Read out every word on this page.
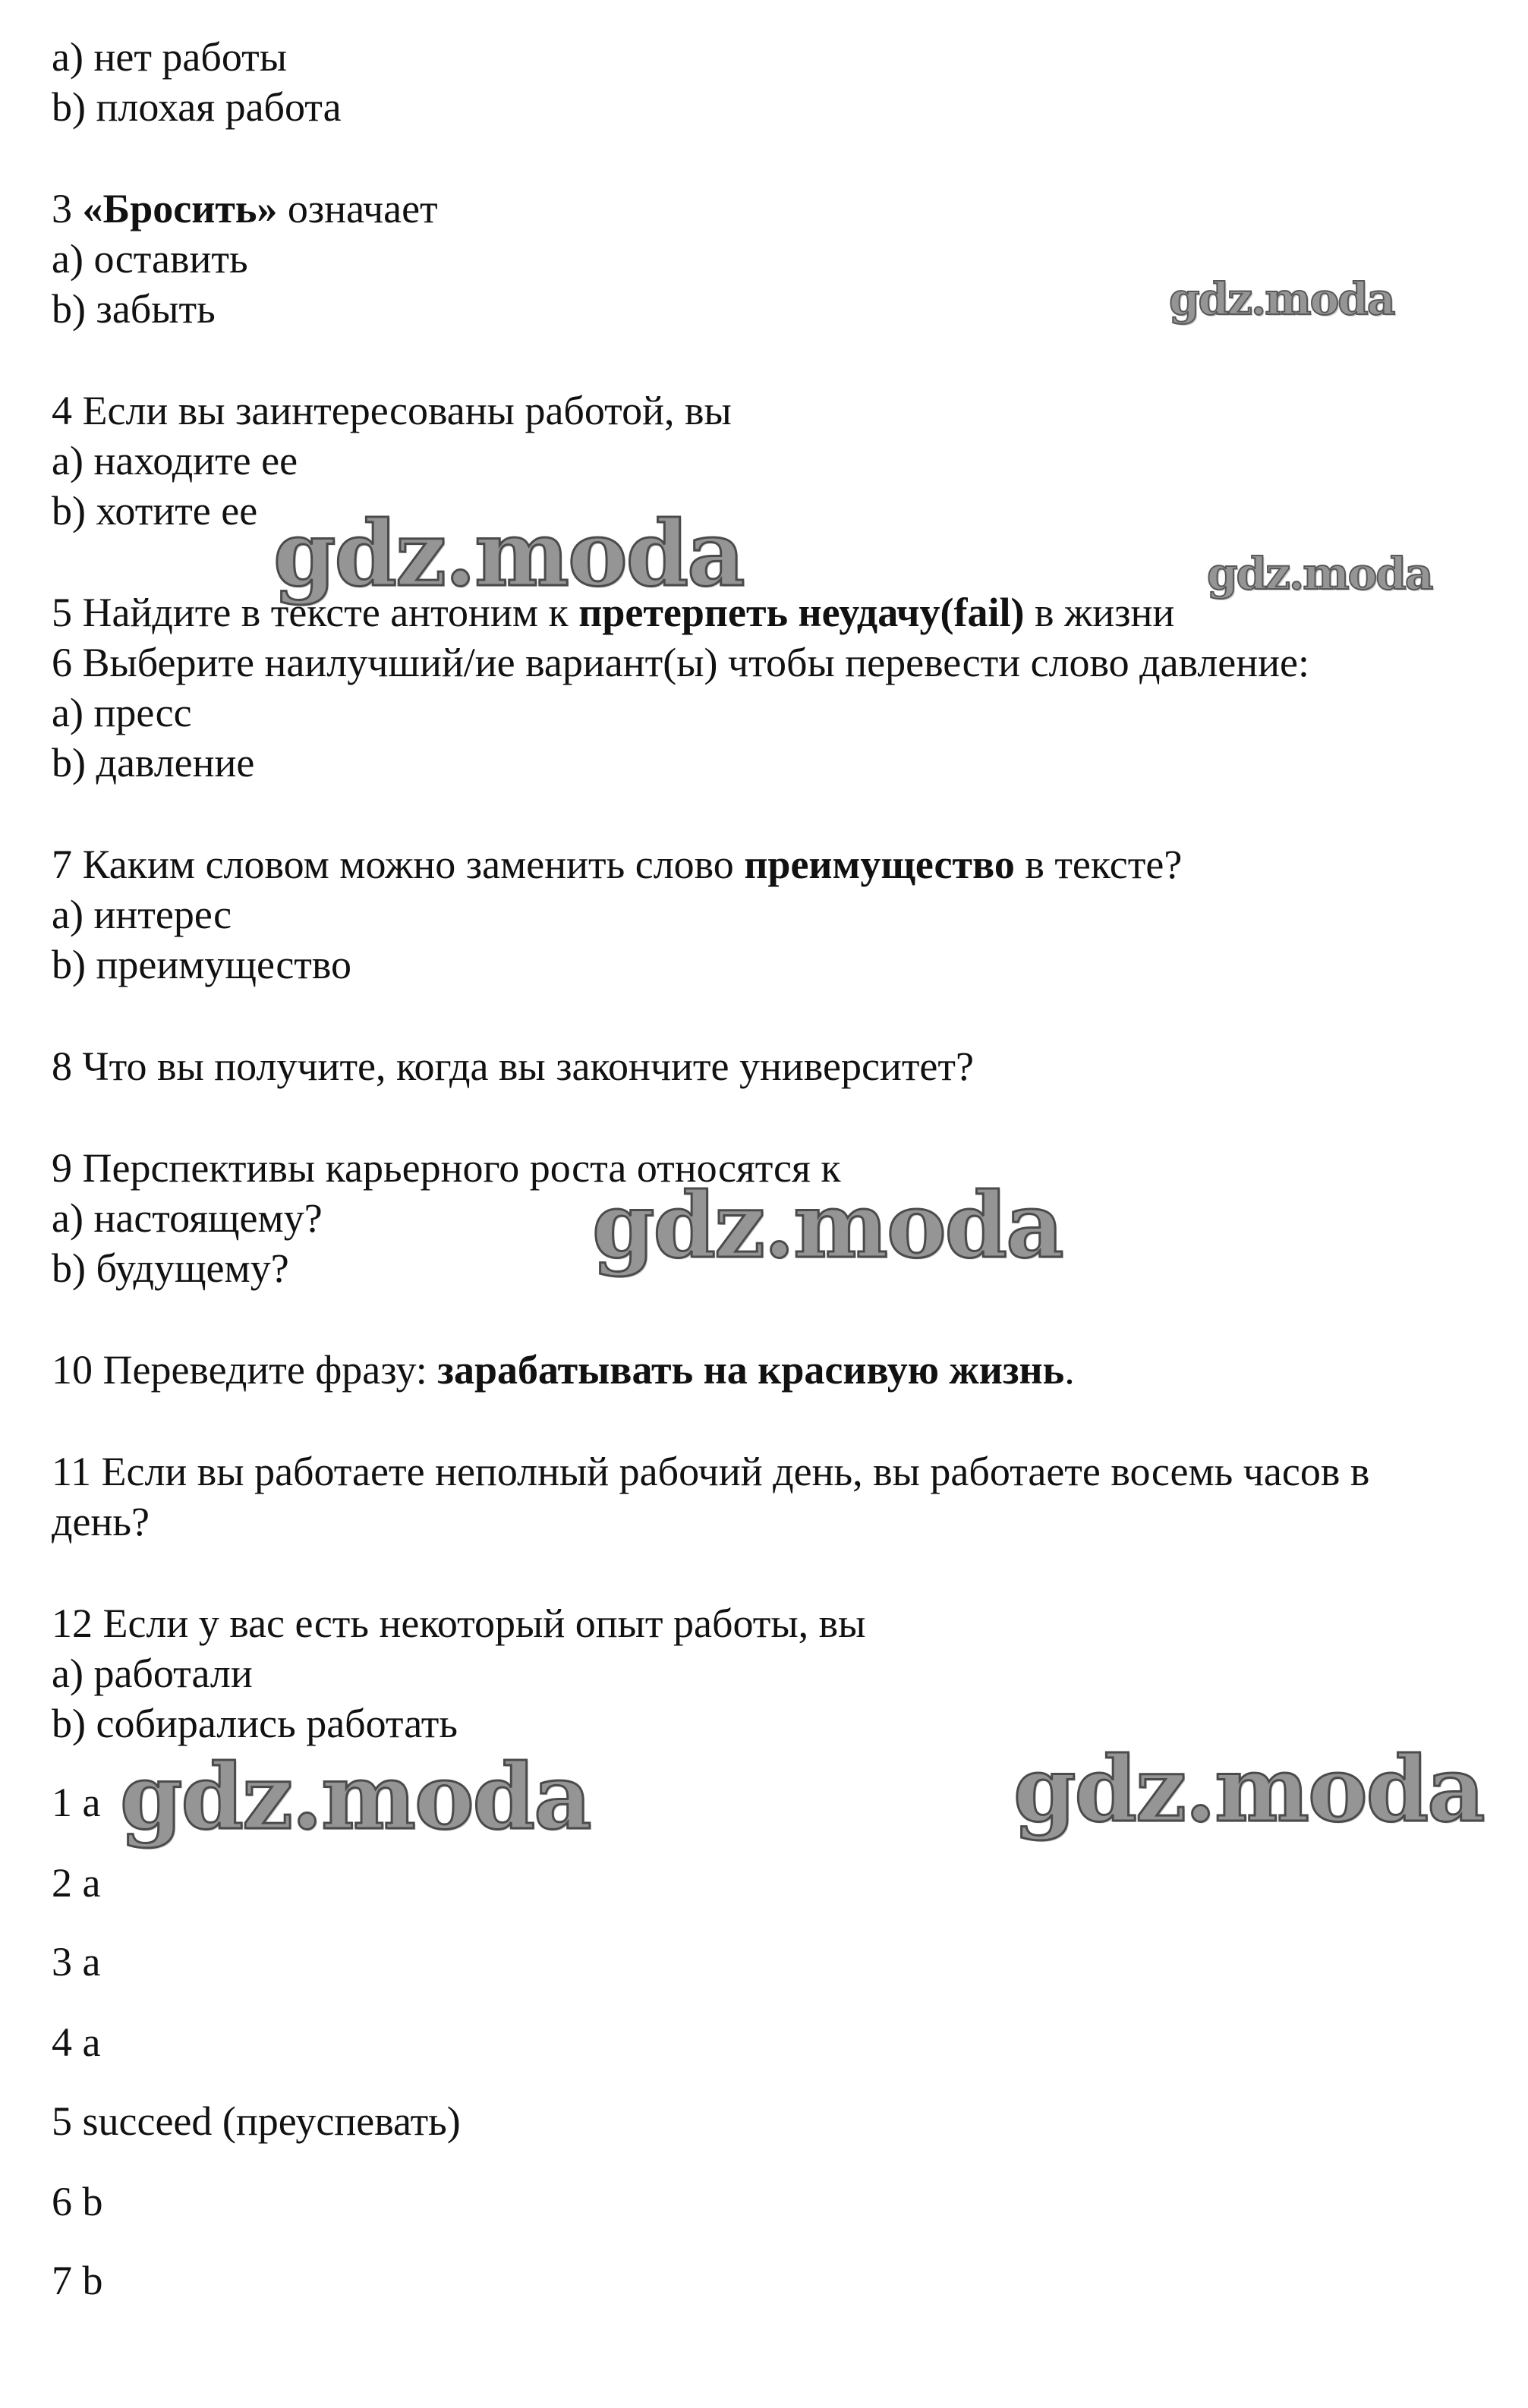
a) нет работы
b) плохая работа
3 «Бросить» означает
a) оставить
b) забыть
4 Если вы заинтересованы работой, вы
a) находите ее
b) хотите ее
5 Найдите в тексте антоним к претерпеть неудачу(fail) в жизни
6 Выберите наилучший/ие вариант(ы) чтобы перевести слово давление:
a) пресс
b) давление
7 Каким словом можно заменить слово преимущество в тексте?
a) интерес
b) преимущество
8 Что вы получите, когда вы закончите университет?
9 Перспективы карьерного роста относятся к
a) настоящему?
b) будущему?
10 Переведите фразу: зарабатывать на красивую жизнь.
11 Если вы работаете неполный рабочий день, вы работаете восемь часов в
день?
12 Если у вас есть некоторый опыт работы, вы
a) работали
b) собирались работать
1 a
2 a
3 a
4 a
5 succeed (преуспевать)
6 b
7 b
gdz.moda
gdz.moda	gdz.moda
gdz.moda
gdz.moda	gdz.moda
